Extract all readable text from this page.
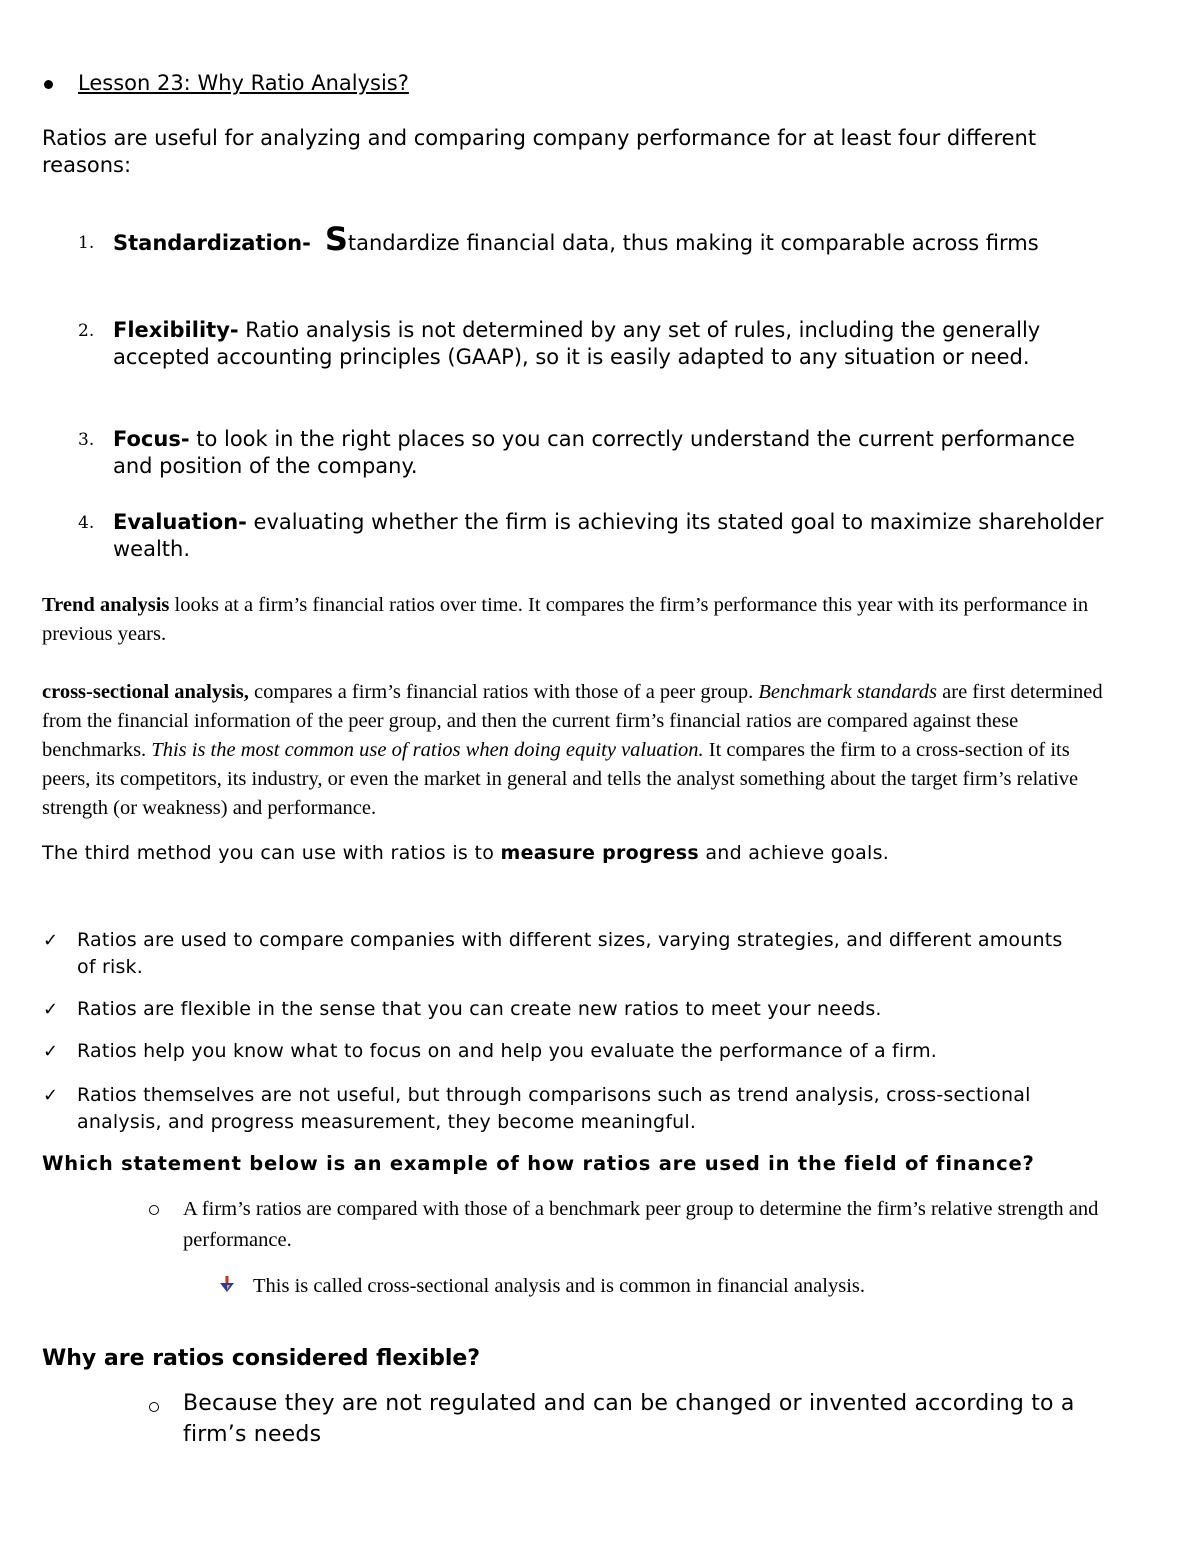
Lesson 23: Why Ratio Analysis?
Ratios are useful for analyzing and comparing company performance for at least four different reasons:
1. Standardization- Standardize financial data, thus making it comparable across firms
2. Flexibility- Ratio analysis is not determined by any set of rules, including the generally accepted accounting principles (GAAP), so it is easily adapted to any situation or need.
3. Focus- to look in the right places so you can correctly understand the current performance and position of the company.
4. Evaluation- evaluating whether the firm is achieving its stated goal to maximize shareholder wealth.
Trend analysis looks at a firm’s financial ratios over time. It compares the firm’s performance this year with its performance in previous years.
cross-sectional analysis, compares a firm’s financial ratios with those of a peer group. Benchmark standards are first determined from the financial information of the peer group, and then the current firm’s financial ratios are compared against these benchmarks. This is the most common use of ratios when doing equity valuation. It compares the firm to a cross-section of its peers, its competitors, its industry, or even the market in general and tells the analyst something about the target firm’s relative strength (or weakness) and performance.
The third method you can use with ratios is to measure progress and achieve goals.
✓ Ratios are used to compare companies with different sizes, varying strategies, and different amounts of risk.
✓ Ratios are flexible in the sense that you can create new ratios to meet your needs.
✓ Ratios help you know what to focus on and help you evaluate the performance of a firm.
✓ Ratios themselves are not useful, but through comparisons such as trend analysis, cross-sectional analysis, and progress measurement, they become meaningful.
Which statement below is an example of how ratios are used in the field of finance?
A firm’s ratios are compared with those of a benchmark peer group to determine the firm’s relative strength and performance.
This is called cross-sectional analysis and is common in financial analysis.
Why are ratios considered flexible?
Because they are not regulated and can be changed or invented according to a firm’s needs
